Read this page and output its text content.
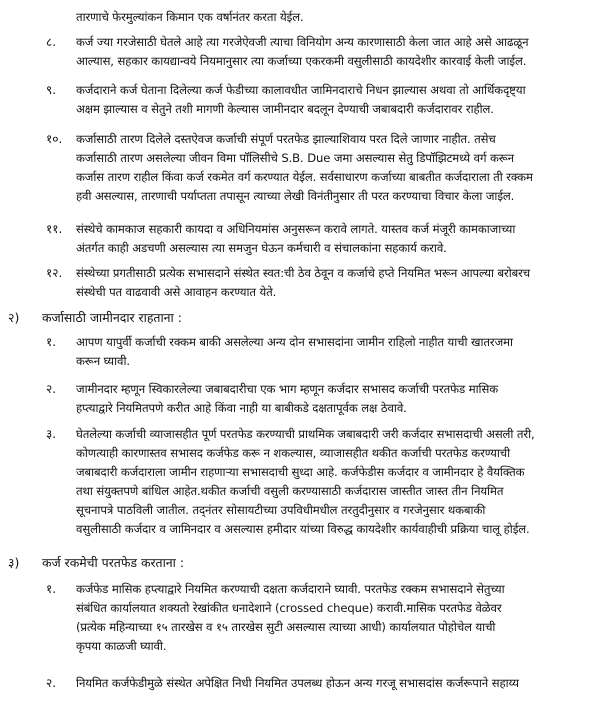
तारणाचे फेरमुल्यांकन किमान एक वर्षानंतर करता येईल.
८. कर्ज ज्या गरजेसाठी घेतले आहे त्या गरजेऐवजी त्याचा विनियोग अन्य कारणासाठी केला जात आहे असे आढळून
आल्यास, सहकार कायद्यान्वये नियमानुसार त्या कर्जाच्या एकरकमी वसुलीसाठी कायदेशीर कारवाई केली जाईल.
९. कर्जदाराने कर्ज घेताना दिलेल्या कर्ज फेडीच्या कालावधीत जामिनदाराचे निधन झाल्यास अथवा तो आर्थिकदृष्ट्या
अक्षम झाल्यास व सेतुने तशी मागणी केल्यास जामीनदार बदलून देण्याची जबाबदारी कर्जदारावर राहील.
१०. कर्जासाठी तारण दिलेले दस्तऐवज कर्जाची संपूर्ण परतफेड झाल्याशिवाय परत दिले जाणार नाहीत. तसेच
कर्जासाठी तारण असलेल्या जीवन विमा पॉलिसीचे S.B. Due जमा असल्यास सेतु डिपॉझिटमध्ये वर्ग करून
कर्जास तारण राहील किंवा कर्ज रकमेत वर्ग करण्यात येईल. सर्वसाधारण कर्जाच्या बाबतीत कर्जदाराला ती रक्कम
हवी असल्यास, तारणाची पर्याप्तता तपासून त्याच्या लेखी विनंतीनुसार ती परत करण्याचा विचार केला जाईल.
११. संस्थेचे कामकाज सहकारी कायदा व अधिनियमांस अनुसरून करावे लागते. यास्तव कर्ज मंजूरी कामकाजाच्या
अंतर्गत काही अडचणी असल्यास त्या समजुन घेऊन कर्मचारी व संचालकांना सहकार्य करावे.
१२. संस्थेच्या प्रगतीसाठी प्रत्येक सभासदाने संस्थेत स्वत:ची ठेव ठेवून व कर्जाचे हप्ते नियमित भरून आपल्या बरोबरच
संस्थेची पत वाढवावी असे आवाहन करण्यात येते.
२) कर्जासाठी जामीनदार राहताना :
१. आपण यापुर्वी कर्जाची रक्कम बाकी असलेल्या अन्य दोन सभासदांना जामीन राहिलो नाहीत याची खातरजमा
करून घ्यावी.
२. जामीनदार म्हणून स्विकारलेल्या जबाबदारीचा एक भाग म्हणून कर्जदार सभासद कर्जाची परतफेड मासिक
हप्त्याद्वारे नियमितपणे करीत आहे किंवा नाही या बाबीकडे दक्षतापूर्वक लक्ष ठेवावे.
३. घेतलेल्या कर्जाची व्याजासहीत पूर्ण परतफेड करण्याची प्राथमिक जबाबदारी जरी कर्जदार सभासदाची असली तरी,
कोणत्याही कारणास्तव सभासद कर्जफेड करू न शकल्यास, व्याजासहीत थकीत कर्जाची परतफेड करण्याची
जबाबदारी कर्जदाराला जामीन राहणाऱ्या सभासदाची सुध्दा आहे. कर्जफेडीस कर्जदार व जामीनदार हे वैयक्तिक
तथा संयुक्तपणे बांधिल आहेत.थकीत कर्जाची वसुली करण्यासाठी कर्जदारास जास्तीत जास्त तीन नियमित
सूचनापत्रे पाठविली जातील. तद्नंतर सोसायटीच्या उपविधीमधील तरतुदीनुसार व गरजेनुसार थकबाकी
वसुलीसाठी कर्जदार व जामिनदार व असल्यास हमीदार यांच्या विरुद्ध कायदेशीर कार्यवाहीची प्रक्रिया चालू होईल.
३) कर्ज रकमेची परतफेड करताना :
१. कर्जफेड मासिक हप्त्याद्वारे नियमित करण्याची दक्षता कर्जदाराने घ्यावी. परतफेड रक्कम सभासदाने सेतुच्या
संबंधित कार्यालयात शक्यतो रेखांकीत धनादेशाने (crossed cheque) करावी.मासिक परतफेड वेळेवर
(प्रत्येक महिन्याच्या १५ तारखेस व १५ तारखेस सुटी असल्यास त्याच्या आधी) कार्यालयात पोहोचेल याची
कृपया काळजी घ्यावी.
२. नियमित कर्जफेडीमुळे संस्थेत अपेक्षित निधी नियमित उपलब्ध होऊन अन्य गरजू सभासदांस कर्जरूपाने सहाय्य
